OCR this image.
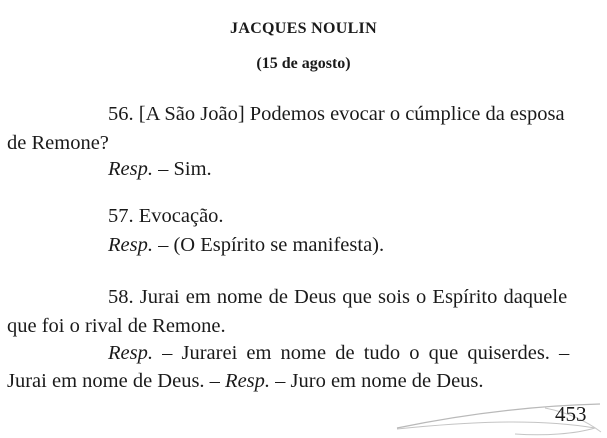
JACQUES NOULIN
(15 de agosto)
56. [A São João] Podemos evocar o cúmplice da esposa
de Remone?
Resp. – Sim.
57. Evocação.
Resp. – (O Espírito se manifesta).
58. Jurai em nome de Deus que sois o Espírito daquele
que foi o rival de Remone.
Resp. – Jurarei em nome de tudo o que quiserdes. –
Jurai em nome de Deus. – Resp. – Juro em nome de Deus.
453
